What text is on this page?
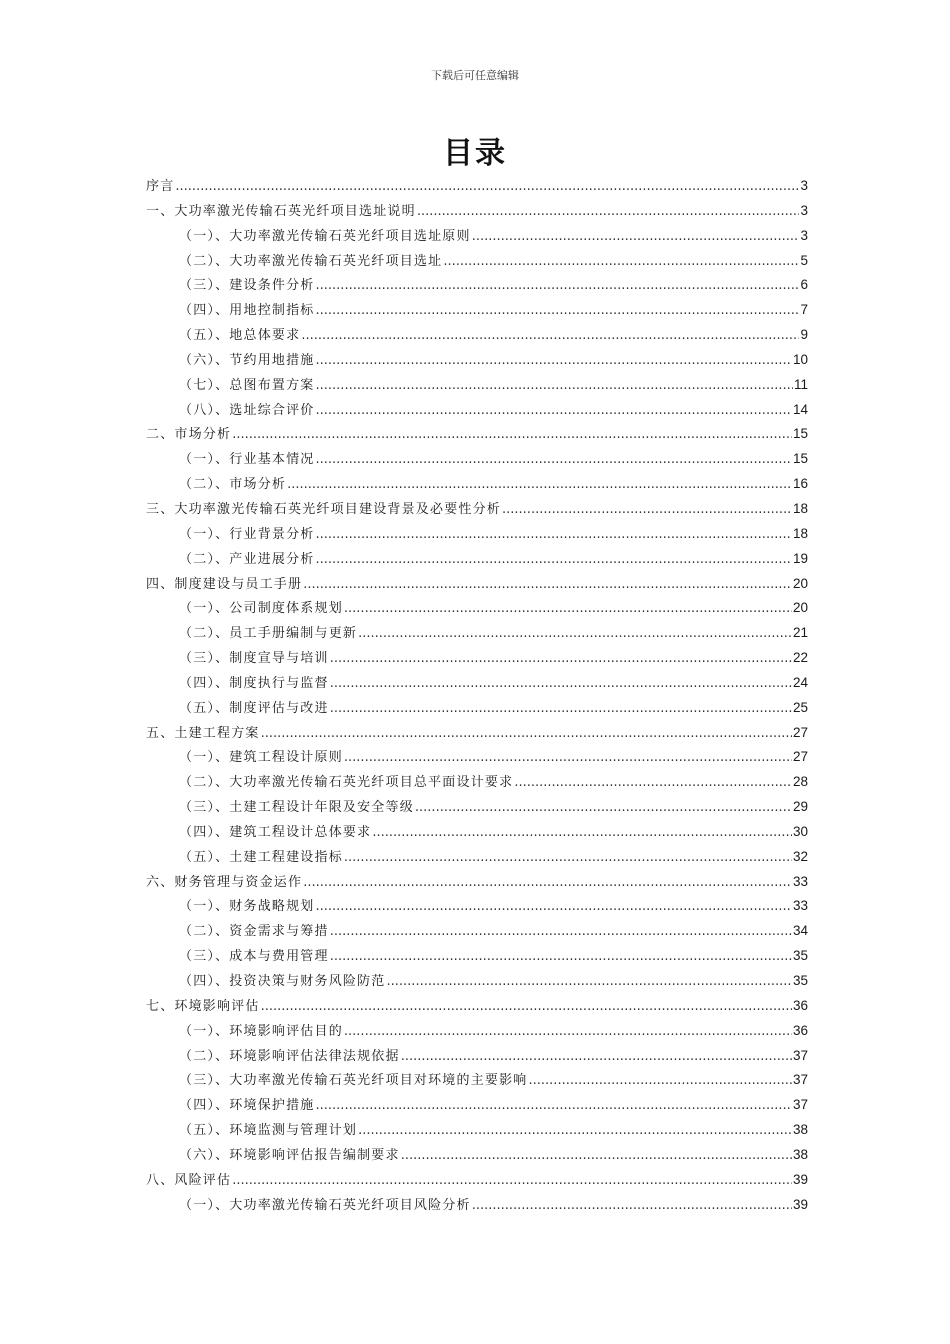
下载后可任意编辑
目录
序言 .....	3
一、大功率激光传输石英光纤项目选址说明 .....	3
（一）、大功率激光传输石英光纤项目选址原则 .....	3
（二）、大功率激光传输石英光纤项目选址 .....	5
（三）、建设条件分析 .....	6
（四）、用地控制指标 .....	7
（五）、地总体要求 .....	9
（六）、节约用地措施 .....	10
（七）、总图布置方案 .....	11
（八）、选址综合评价 .....	14
二、市场分析 .....	15
（一）、行业基本情况 .....	15
（二）、市场分析 .....	16
三、大功率激光传输石英光纤项目建设背景及必要性分析 .....	18
（一）、行业背景分析 .....	18
（二）、产业进展分析 .....	19
四、制度建设与员工手册 .....	20
（一）、公司制度体系规划 .....	20
（二）、员工手册编制与更新 .....	21
（三）、制度宣导与培训 .....	22
（四）、制度执行与监督 .....	24
（五）、制度评估与改进 .....	25
五、土建工程方案 .....	27
（一）、建筑工程设计原则 .....	27
（二）、大功率激光传输石英光纤项目总平面设计要求 .....	28
（三）、土建工程设计年限及安全等级 .....	29
（四）、建筑工程设计总体要求 .....	30
（五）、土建工程建设指标 .....	32
六、财务管理与资金运作 .....	33
（一）、财务战略规划 .....	33
（二）、资金需求与筹措 .....	34
（三）、成本与费用管理 .....	35
（四）、投资决策与财务风险防范 .....	35
七、环境影响评估 .....	36
（一）、环境影响评估目的 .....	36
（二）、环境影响评估法律法规依据 .....	37
（三）、大功率激光传输石英光纤项目对环境的主要影响 .....	37
（四）、环境保护措施 .....	37
（五）、环境监测与管理计划 .....	38
（六）、环境影响评估报告编制要求 .....	38
八、风险评估 .....	39
（一）、大功率激光传输石英光纤项目风险分析 .....	39
